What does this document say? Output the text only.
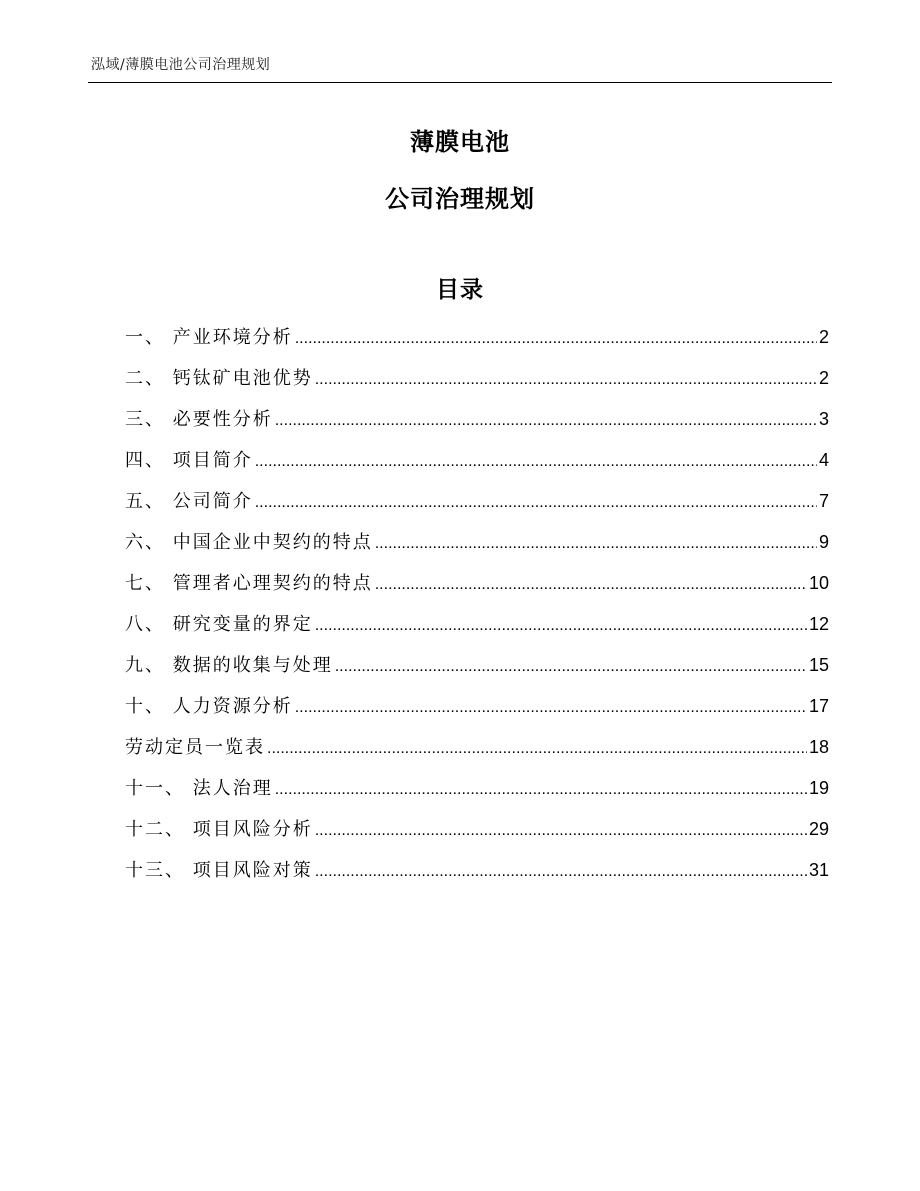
泓域/薄膜电池公司治理规划
薄膜电池
公司治理规划
目录
一、 产业环境分析 .....	2
二、 钙钛矿电池优势 .....	2
三、 必要性分析 .....	3
四、 项目简介 .....	4
五、 公司简介 .....	7
六、 中国企业中契约的特点 .....	9
七、 管理者心理契约的特点 .....	10
八、 研究变量的界定 .....	12
九、 数据的收集与处理 .....	15
十、 人力资源分析 .....	17
劳动定员一览表 .....	18
十一、 法人治理 .....	19
十二、 项目风险分析 .....	29
十三、 项目风险对策 .....	31
